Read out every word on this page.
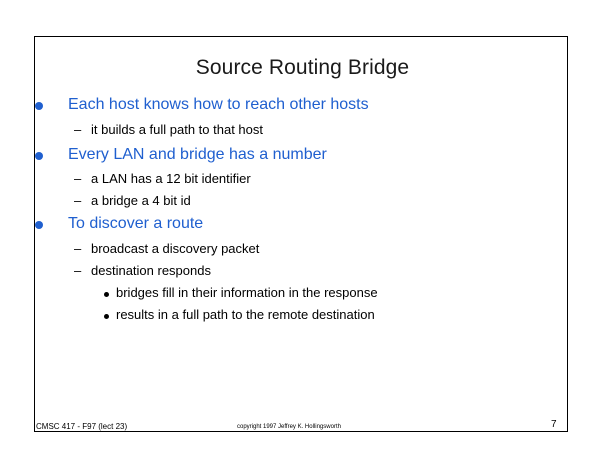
Source Routing Bridge
Each host knows how to reach other hosts
– it builds a full path to that host
Every LAN and bridge has a number
– a LAN has a 12 bit identifier
– a bridge a 4 bit id
To discover a route
– broadcast a discovery packet
– destination responds
bridges fill in their information in the response
results in a full path to the remote destination
CMSC 417 - F97 (lect 23)	copyright 1997 Jeffrey K. Hollingsworth	7
